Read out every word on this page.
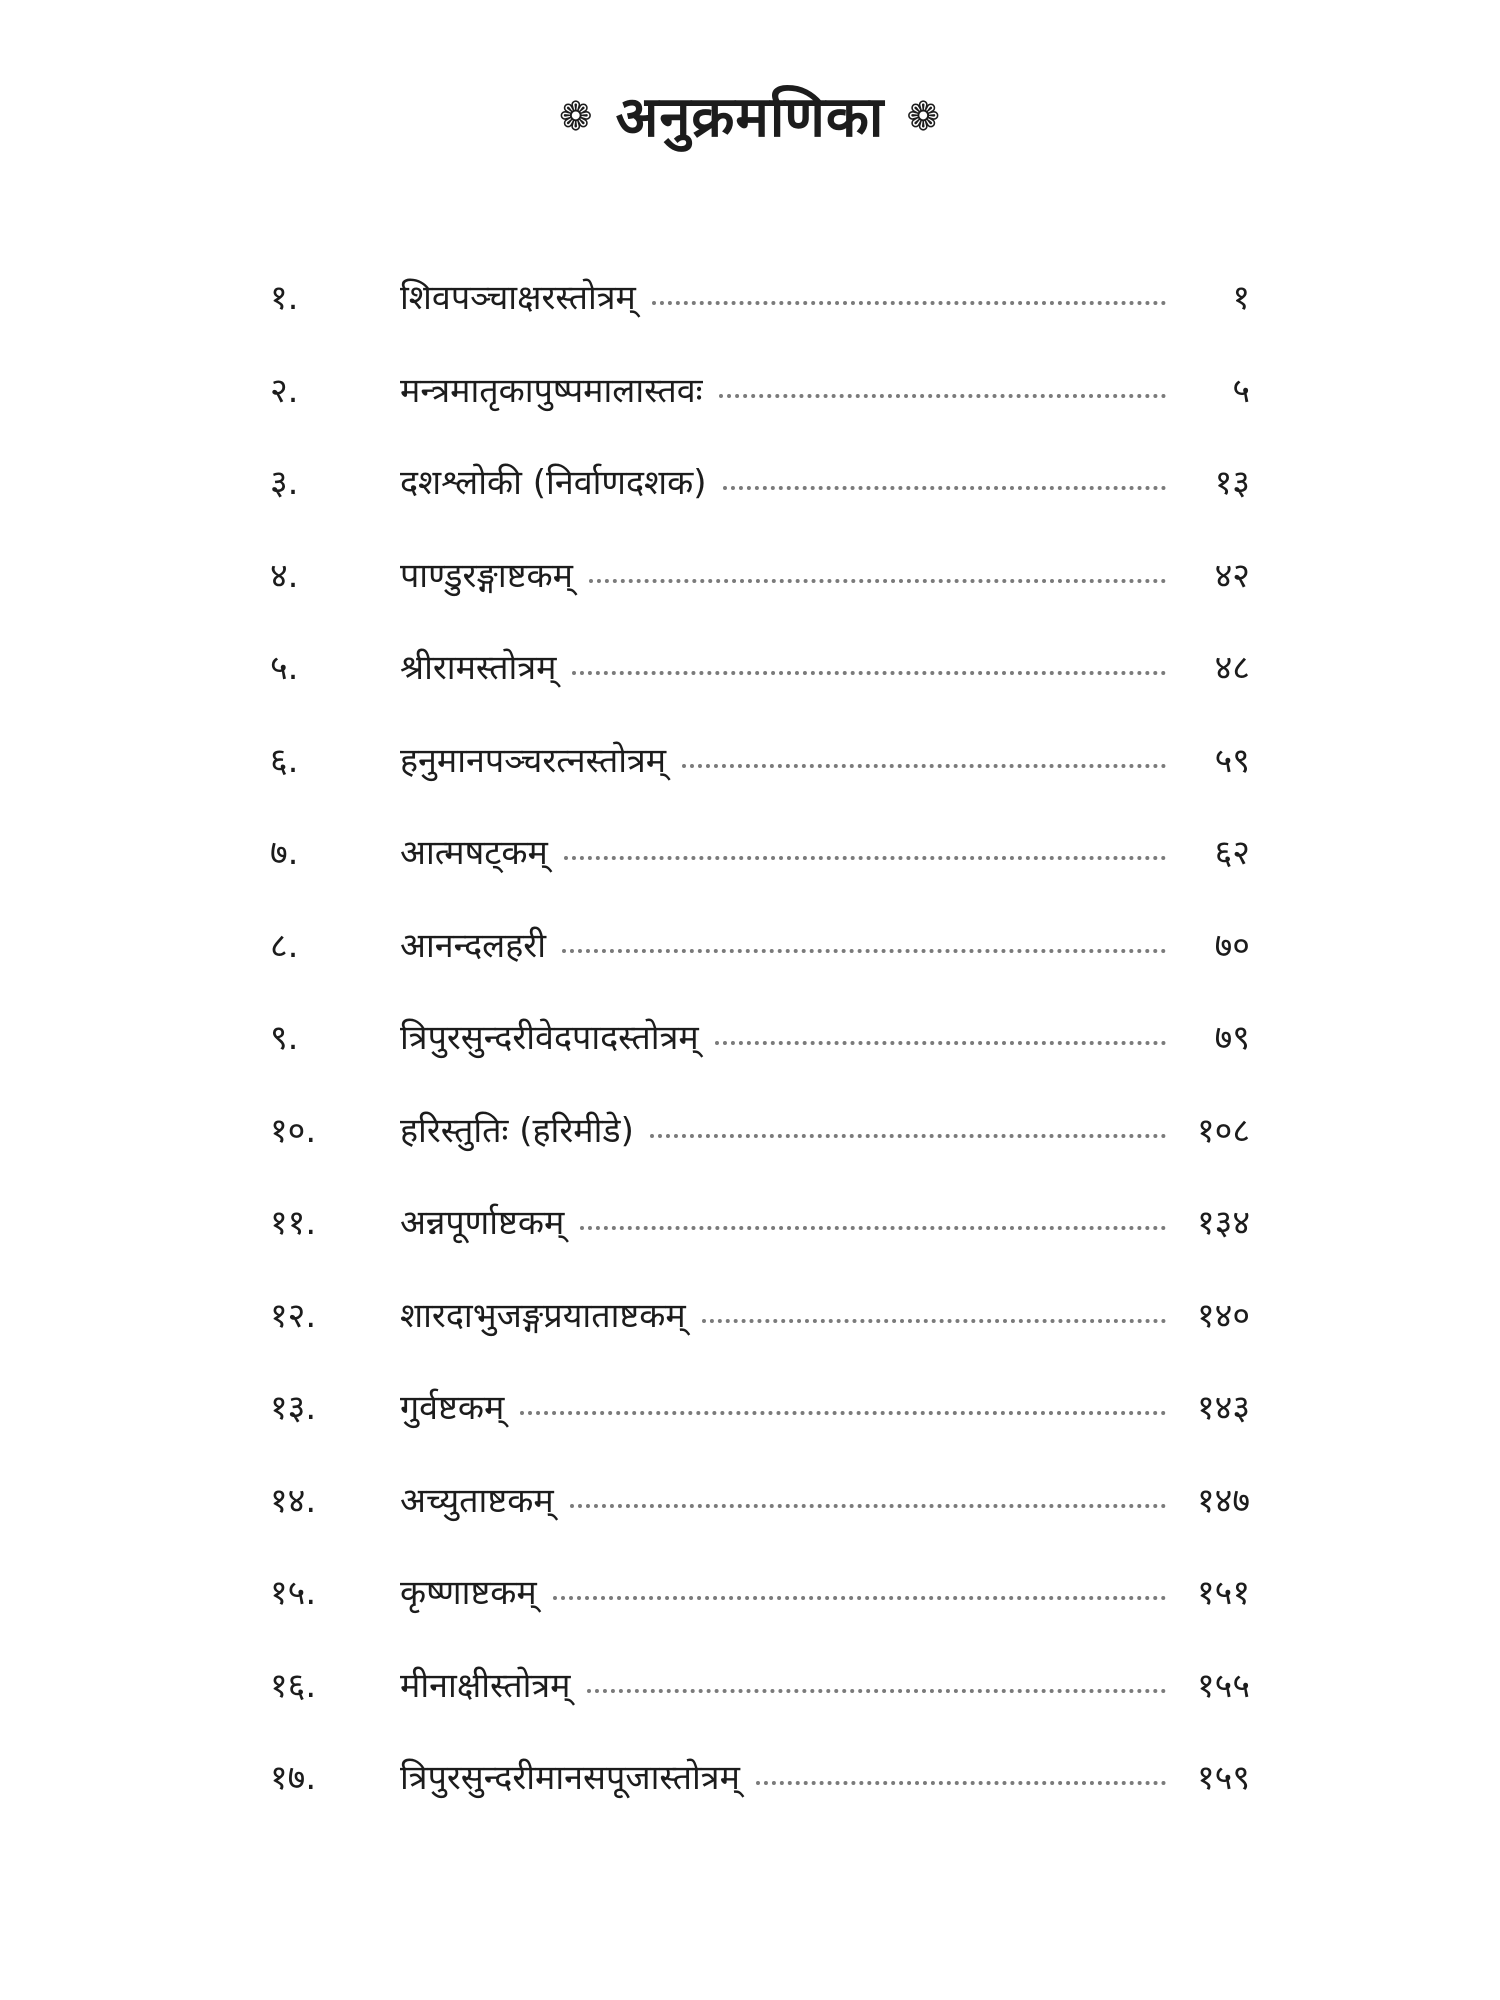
❁ अनुक्रमणिका ❁
१.	शिवपञ्चाक्षरस्तोत्रम्	१
२.	मन्त्रमातृकापुष्पमालास्तवः	५
३.	दशश्लोकी (निर्वाणदशक)	१३
४.	पाण्डुरङ्गाष्टकम्	४२
५.	श्रीरामस्तोत्रम्	४८
६.	हनुमानपञ्चरत्नस्तोत्रम्	५९
७.	आत्मषट्कम्	६२
८.	आनन्दलहरी	७०
९.	त्रिपुरसुन्दरीवेदपादस्तोत्रम्	७९
१०.	हरिस्तुतिः (हरिमीडे)	१०८
११.	अन्नपूर्णाष्टकम्	१३४
१२.	शारदाभुजङ्गप्रयाताष्टकम्	१४०
१३.	गुर्वष्टकम्	१४३
१४.	अच्युताष्टकम्	१४७
१५.	कृष्णाष्टकम्	१५१
१६.	मीनाक्षीस्तोत्रम्	१५५
१७.	त्रिपुरसुन्दरीमानसपूजास्तोत्रम्	१५९
